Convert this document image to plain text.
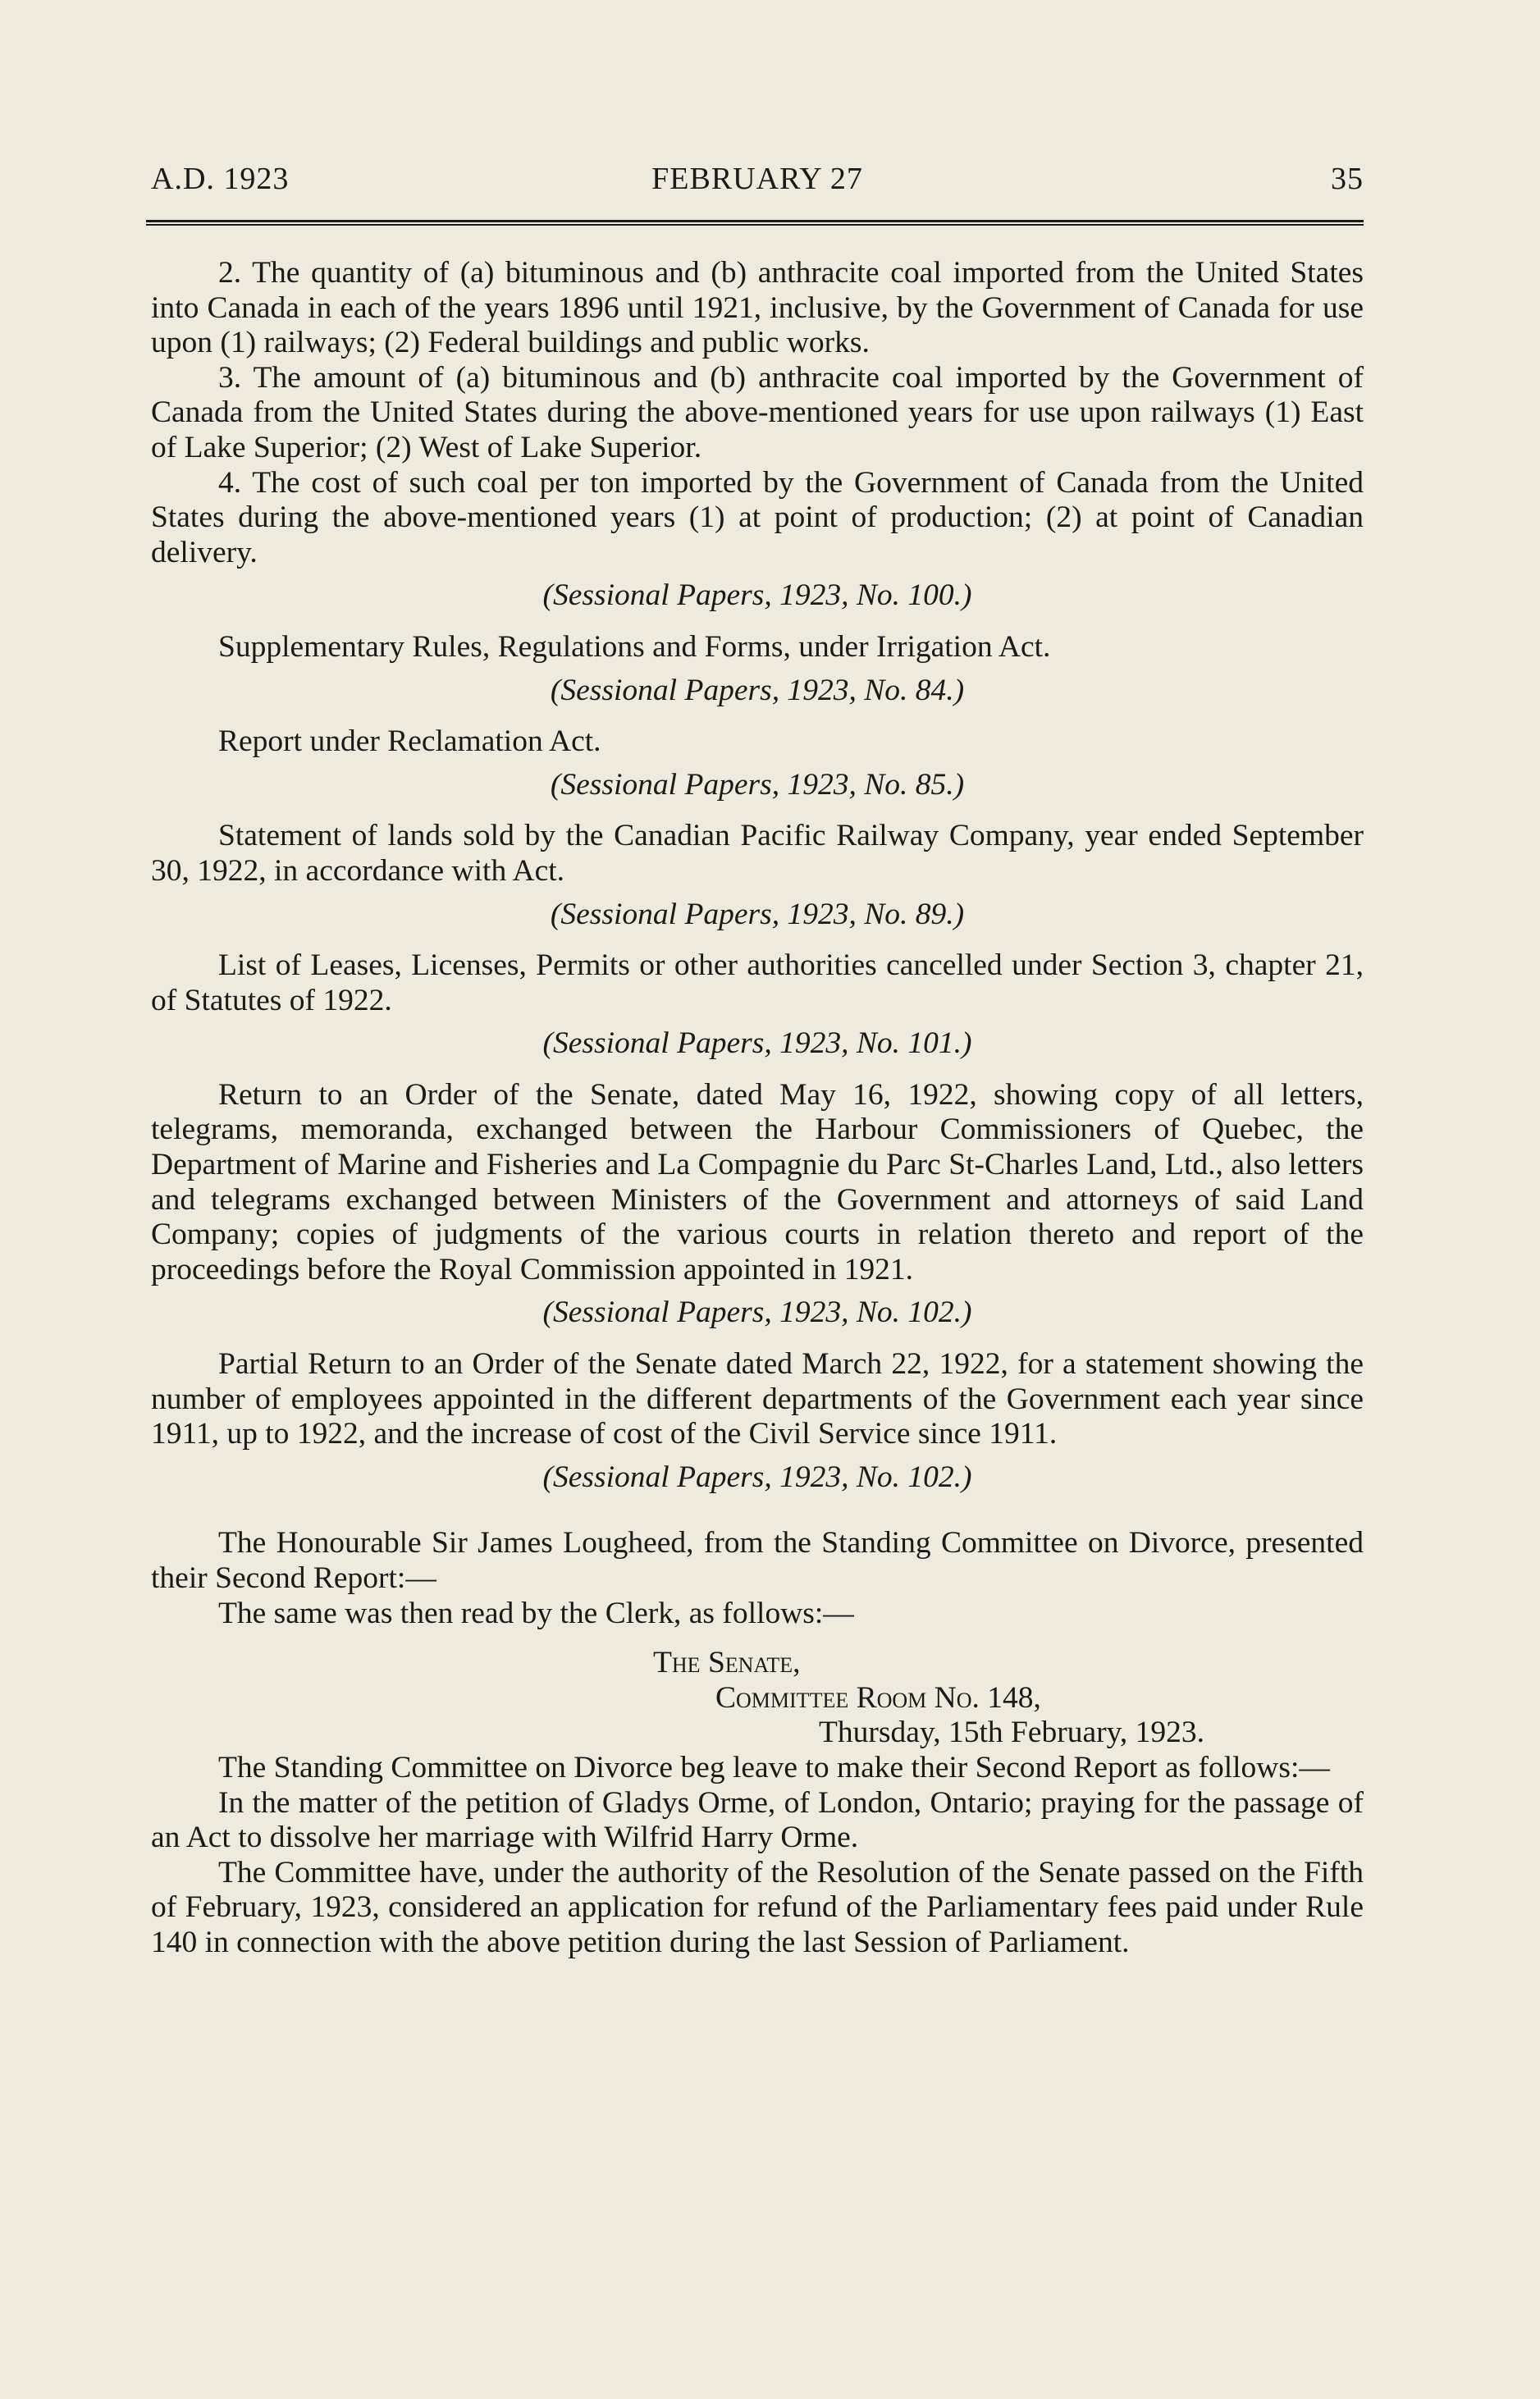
A.D. 1923	FEBRUARY 27	35

2. The quantity of (a) bituminous and (b) anthracite coal imported from the United States into Canada in each of the years 1896 until 1921, inclusive, by the Government of Canada for use upon (1) railways; (2) Federal buildings and public works.

3. The amount of (a) bituminous and (b) anthracite coal imported by the Government of Canada from the United States during the above-mentioned years for use upon railways (1) East of Lake Superior; (2) West of Lake Superior.

4. The cost of such coal per ton imported by the Government of Canada from the United States during the above-mentioned years (1) at point of production; (2) at point of Canadian delivery.

(Sessional Papers, 1923, No. 100.)

Supplementary Rules, Regulations and Forms, under Irrigation Act.

(Sessional Papers, 1923, No. 84.)

Report under Reclamation Act.

(Sessional Papers, 1923, No. 85.)

Statement of lands sold by the Canadian Pacific Railway Company, year ended September 30, 1922, in accordance with Act.

(Sessional Papers, 1923, No. 89.)

List of Leases, Licenses, Permits or other authorities cancelled under Section 3, chapter 21, of Statutes of 1922.

(Sessional Papers, 1923, No. 101.)

Return to an Order of the Senate, dated May 16, 1922, showing copy of all letters, telegrams, memoranda, exchanged between the Harbour Commissioners of Quebec, the Department of Marine and Fisheries and La Compagnie du Parc St-Charles Land, Ltd., also letters and telegrams exchanged between Ministers of the Government and attorneys of said Land Company; copies of judgments of the various courts in relation thereto and report of the proceedings before the Royal Commission appointed in 1921.

(Sessional Papers, 1923, No. 102.)

Partial Return to an Order of the Senate dated March 22, 1922, for a statement showing the number of employees appointed in the different departments of the Government each year since 1911, up to 1922, and the increase of cost of the Civil Service since 1911.

(Sessional Papers, 1923, No. 102.)

The Honourable Sir James Lougheed, from the Standing Committee on Divorce, presented their Second Report:—

The same was then read by the Clerk, as follows:—

The Senate,

Committee Room No. 148,

Thursday, 15th February, 1923.

The Standing Committee on Divorce beg leave to make their Second Report as follows:—

In the matter of the petition of Gladys Orme, of London, Ontario; praying for the passage of an Act to dissolve her marriage with Wilfrid Harry Orme.

The Committee have, under the authority of the Resolution of the Senate passed on the Fifth of February, 1923, considered an application for refund of the Parliamentary fees paid under Rule 140 in connection with the above petition during the last Session of Parliament.
